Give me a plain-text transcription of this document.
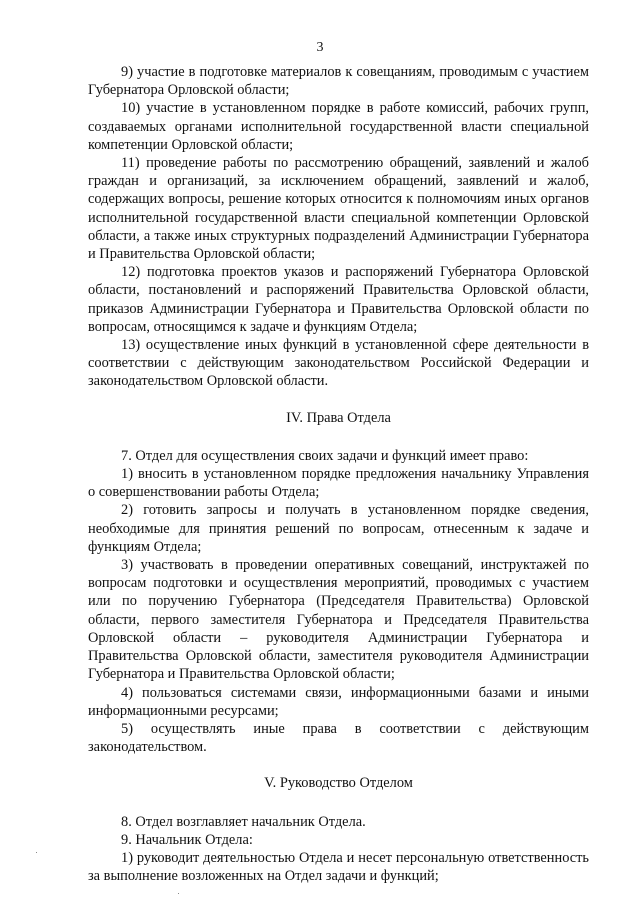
3

9) участие в подготовке материалов к совещаниям, проводимым с участием Губернатора Орловской области;

10) участие в установленном порядке в работе комиссий, рабочих групп, создаваемых органами исполнительной государственной власти специальной компетенции Орловской области;

11) проведение работы по рассмотрению обращений, заявлений и жалоб граждан и организаций, за исключением обращений, заявлений и жалоб, содержащих вопросы, решение которых относится к полномочиям иных органов исполнительной государственной власти специальной компетенции Орловской области, а также иных структурных подразделений Администрации Губернатора и Правительства Орловской области;

12) подготовка проектов указов и распоряжений Губернатора Орловской области, постановлений и распоряжений Правительства Орловской области, приказов Администрации Губернатора и Правительства Орловской области по вопросам, относящимся к задаче и функциям Отдела;

13) осуществление иных функций в установленной сфере деятельности в соответствии с действующим законодательством Российской Федерации и законодательством Орловской области.

IV. Права Отдела

7. Отдел для осуществления своих задачи и функций имеет право:

1) вносить в установленном порядке предложения начальнику Управления о совершенствовании работы Отдела;

2) готовить запросы и получать в установленном порядке сведения, необходимые для принятия решений по вопросам, отнесенным к задаче и функциям Отдела;

3) участвовать в проведении оперативных совещаний, инструктажей по вопросам подготовки и осуществления мероприятий, проводимых с участием или по поручению Губернатора (Председателя Правительства) Орловской области, первого заместителя Губернатора и Председателя Правительства Орловской области – руководителя Администрации Губернатора и Правительства Орловской области, заместителя руководителя Администрации Губернатора и Правительства Орловской области;

4) пользоваться системами связи, информационными базами и иными информационными ресурсами;

5) осуществлять иные права в соответствии с действующим законодательством.

V. Руководство Отделом

8. Отдел возглавляет начальник Отдела.

9. Начальник Отдела:

1) руководит деятельностью Отдела и несет персональную ответственность за выполнение возложенных на Отдел задачи и функций;
